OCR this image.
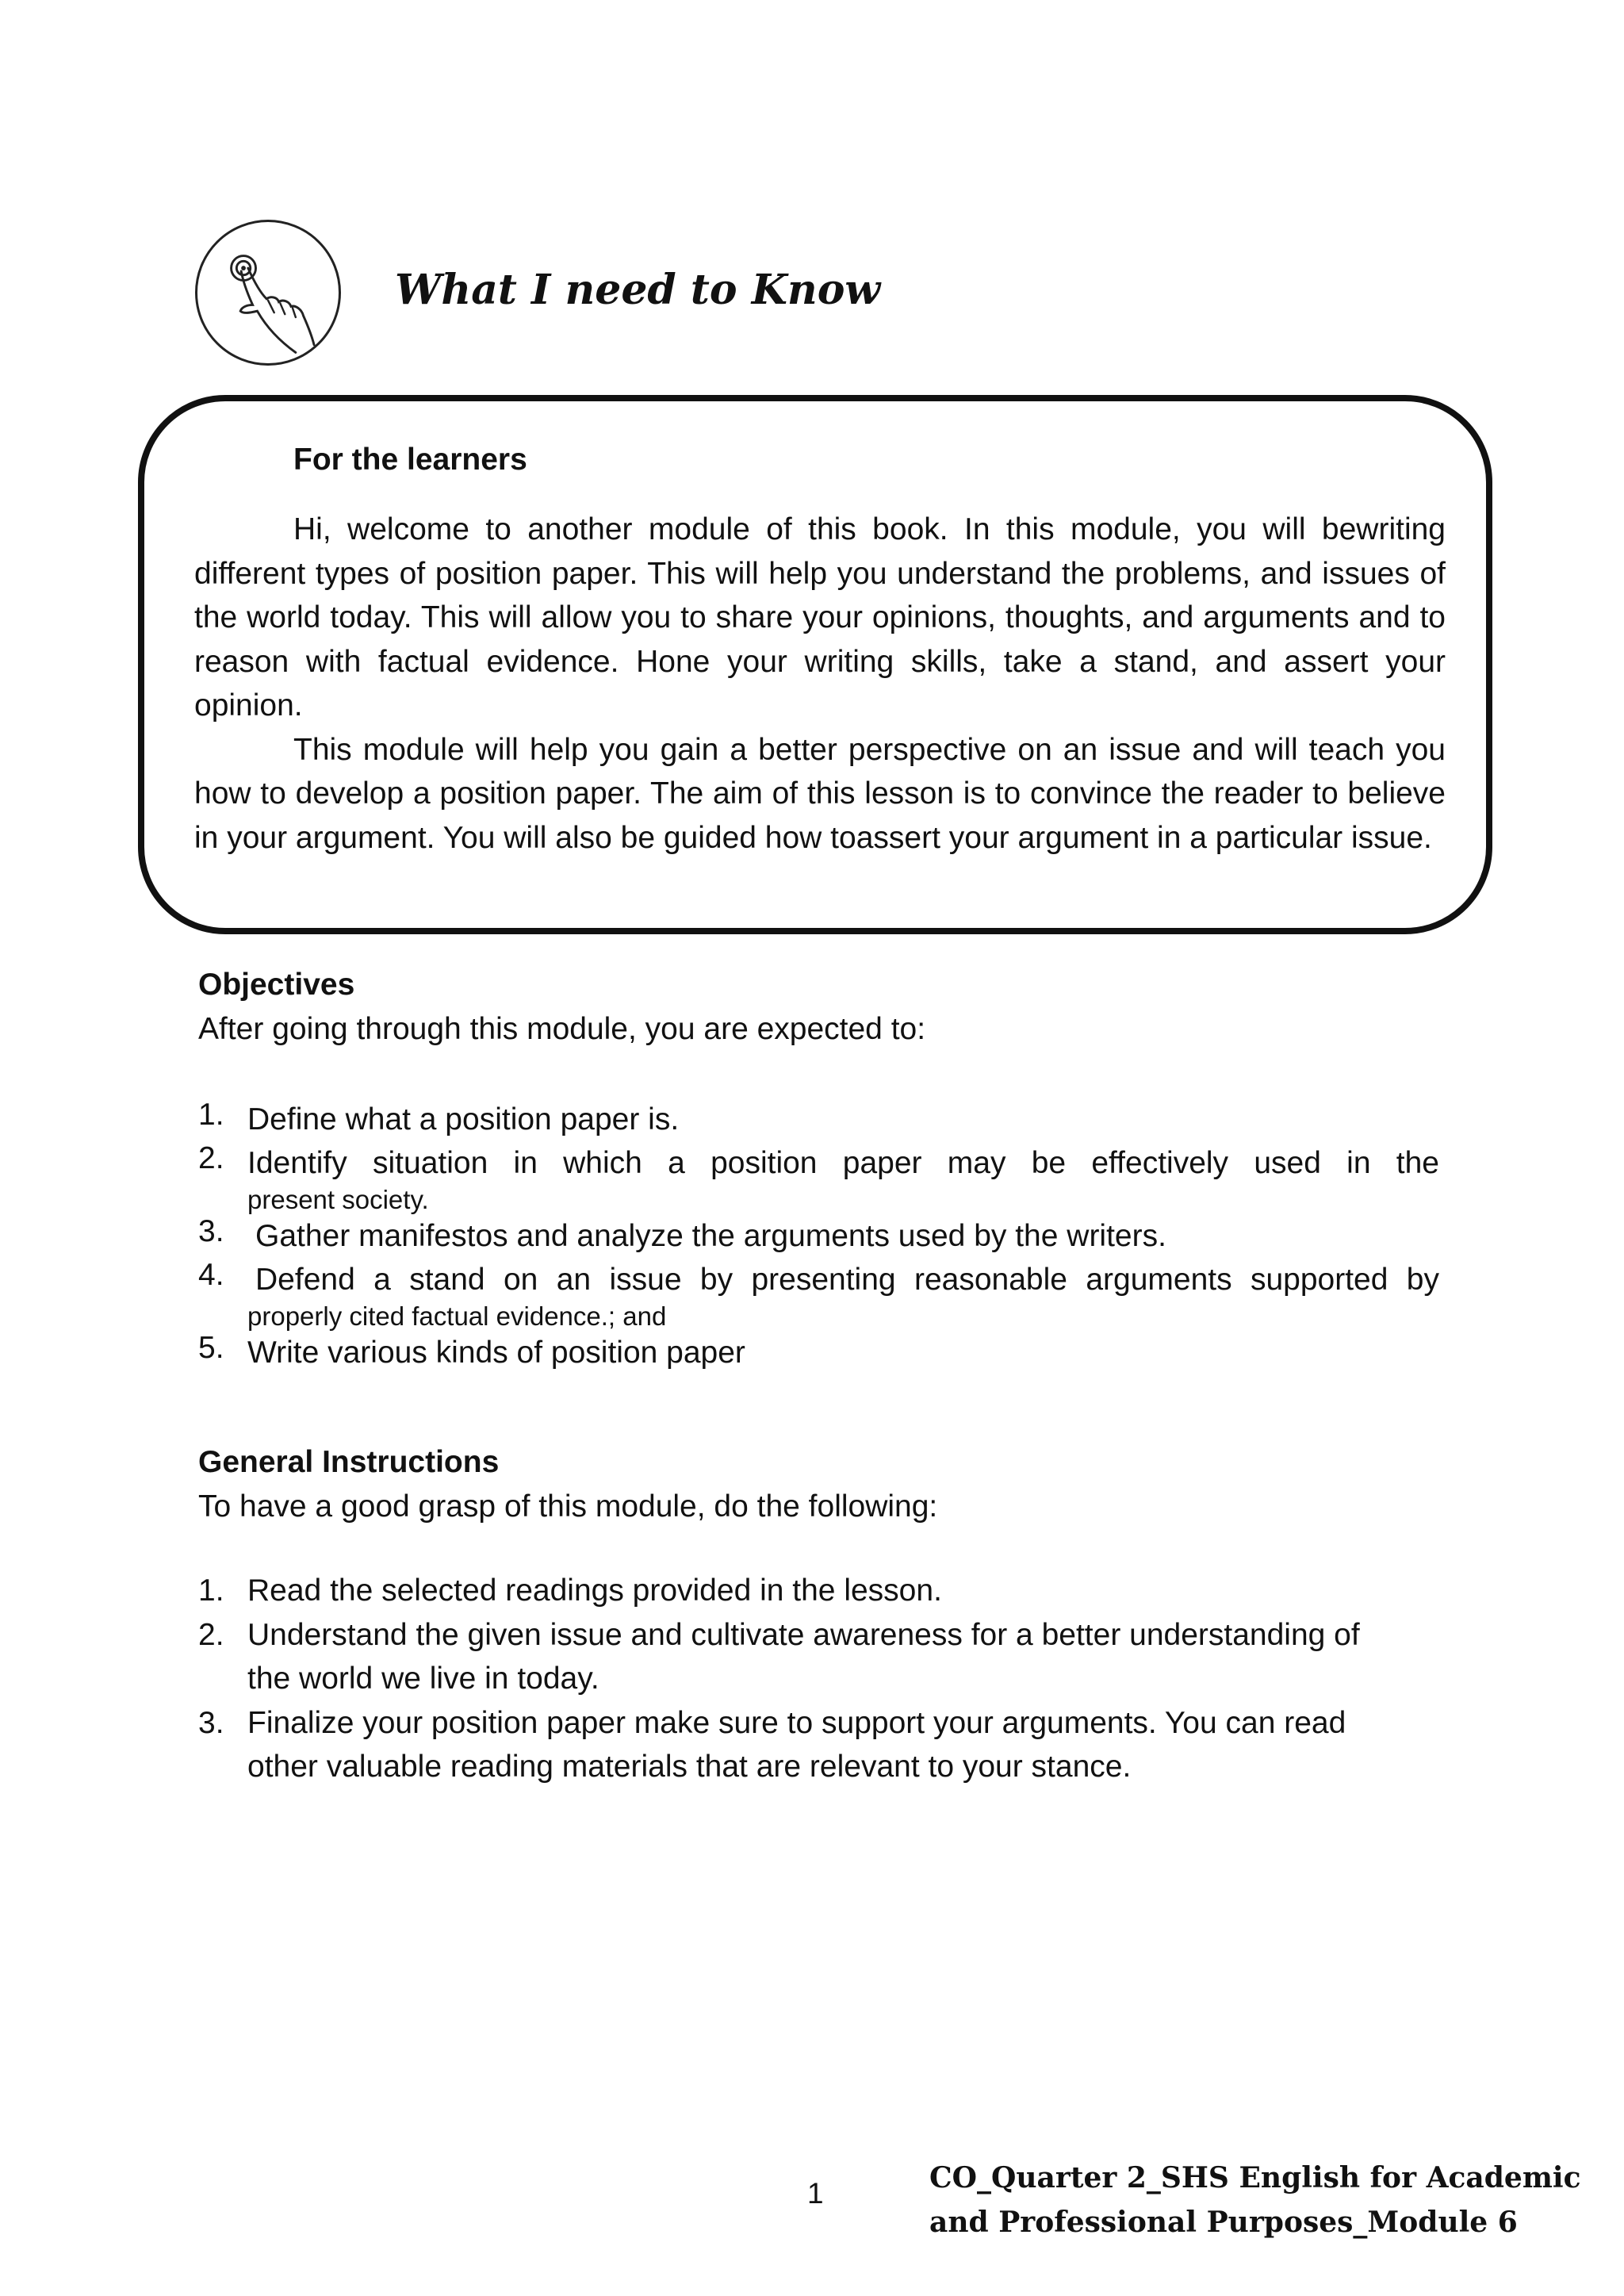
What I need to Know
For the learners

Hi, welcome to another module of this book. In this module, you will bewriting different types of position paper. This will help you understand the problems, and issues of the world today. This will allow you to share your opinions, thoughts, and arguments and to reason with factual evidence. Hone your writing skills, take a stand, and assert your opinion.

This module will help you gain a better perspective on an issue and will teach you how to develop a position paper. The aim of this lesson is to convince the reader to believe in your argument. You will also be guided how toassert your argument in a particular issue.

Objectives

After going through this module, you are expected to:

1. Define what a position paper is.
2. Identify situation in which a position paper may be effectively used in the
present society.
3. Gather manifestos and analyze the arguments used by the writers.
4. Defend a stand on an issue by presenting reasonable arguments supported by
properly cited factual evidence.; and
5. Write various kinds of position paper
General Instructions

To have a good grasp of this module, do the following:

1. Read the selected readings provided in the lesson.
2. Understand the given issue and cultivate awareness for a better understanding of the world we live in today.
3. Finalize your position paper make sure to support your arguments. You can read other valuable reading materials that are relevant to your stance.

1	CO_Quarter 2_SHS English for Academic
and Professional Purposes_Module 6
